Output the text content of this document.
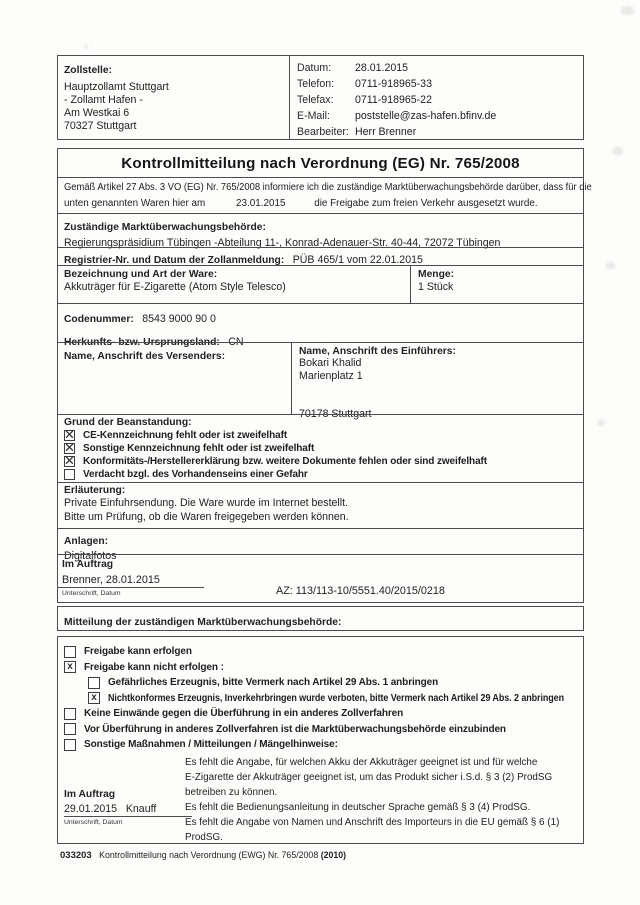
Zollstelle:
Hauptzollamt Stuttgart
- Zollamt Hafen -
Am Westkai 6
70327 Stuttgart
Datum:	28.01.2015
Telefon:	0711-918965-33
Telefax:	0711-918965-22
E-Mail:	poststelle@zas-hafen.bfinv.de
Bearbeiter: Herr Brenner
Kontrollmitteilung nach Verordnung (EG) Nr. 765/2008
Gemäß Artikel 27 Abs. 3 VO (EG) Nr. 765/2008 informiere ich die zuständige Marktüberwachungsbehörde darüber, dass für die
unten genannten Waren hier am	23.01.2015	die Freigabe zum freien Verkehr ausgesetzt wurde.
Zuständige Marktüberwachungsbehörde:
Regierungspräsidium Tübingen -Abteilung 11-, Konrad-Adenauer-Str. 40-44, 72072 Tübingen
Registrier-Nr. und Datum der Zollanmeldung: PÜB 465/1 vom 22.01.2015
Bezeichnung und Art der Ware:
Akkuträger für E-Zigarette (Atom Style Telesco)
Menge:
1 Stück
Codenummer: 8543 9000 90 0
Herkunfts- bzw. Ursprungsland: CN
Name, Anschrift des Versenders:	Name, Anschrift des Einführers:
Bokari Khalid
Marienplatz 1
70178 Stuttgart
Grund der Beanstandung:
✕ CE-Kennzeichnung fehlt oder ist zweifelhaft
✕ Sonstige Kennzeichnung fehlt oder ist zweifelhaft
✕ Konformitäts-/Herstellererklärung bzw. weitere Dokumente fehlen oder sind zweifelhaft
Verdacht bzgl. des Vorhandenseins einer Gefahr
Erläuterung:
Private Einfuhrsendung. Die Ware wurde im Internet bestellt.
Bitte um Prüfung, ob die Waren freigegeben werden können.
Anlagen:
Digitalfotos
Im Auftrag
Brenner, 28.01.2015
Unterschrift, Datum	AZ: 113/113-10/5551.40/2015/0218
Mitteilung der zuständigen Marktüberwachungsbehörde:
Freigabe kann erfolgen
x Freigabe kann nicht erfolgen :
Gefährliches Erzeugnis, bitte Vermerk nach Artikel 29 Abs. 1 anbringen
x Nichtkonformes Erzeugnis, Inverkehrbringen wurde verboten, bitte Vermerk nach Artikel 29 Abs. 2 anbringen
Keine Einwände gegen die Überführung in ein anderes Zollverfahren
Vor Überführung in anderes Zollverfahren ist die Marktüberwachungsbehörde einzubinden
Sonstige Maßnahmen / Mitteilungen / Mängelhinweise:
Es fehlt die Angabe, für welchen Akku der Akkuträger geeignet ist und für welche
E-Zigarette der Akkuträger geeignet ist, um das Produkt sicher i.S.d. § 3 (2) ProdSG
betreiben zu können.
Es fehlt die Bedienungsanleitung in deutscher Sprache gemäß § 3 (4) ProdSG.
Es fehlt die Angabe von Namen und Anschrift des Importeurs in die EU gemäß § 6 (1)
ProdSG.
Im Auftrag
29.01.2015   Knauff
Unterschrift, Datum
033203 Kontrollmitteilung nach Verordnung (EWG) Nr. 765/2008 (2010)
